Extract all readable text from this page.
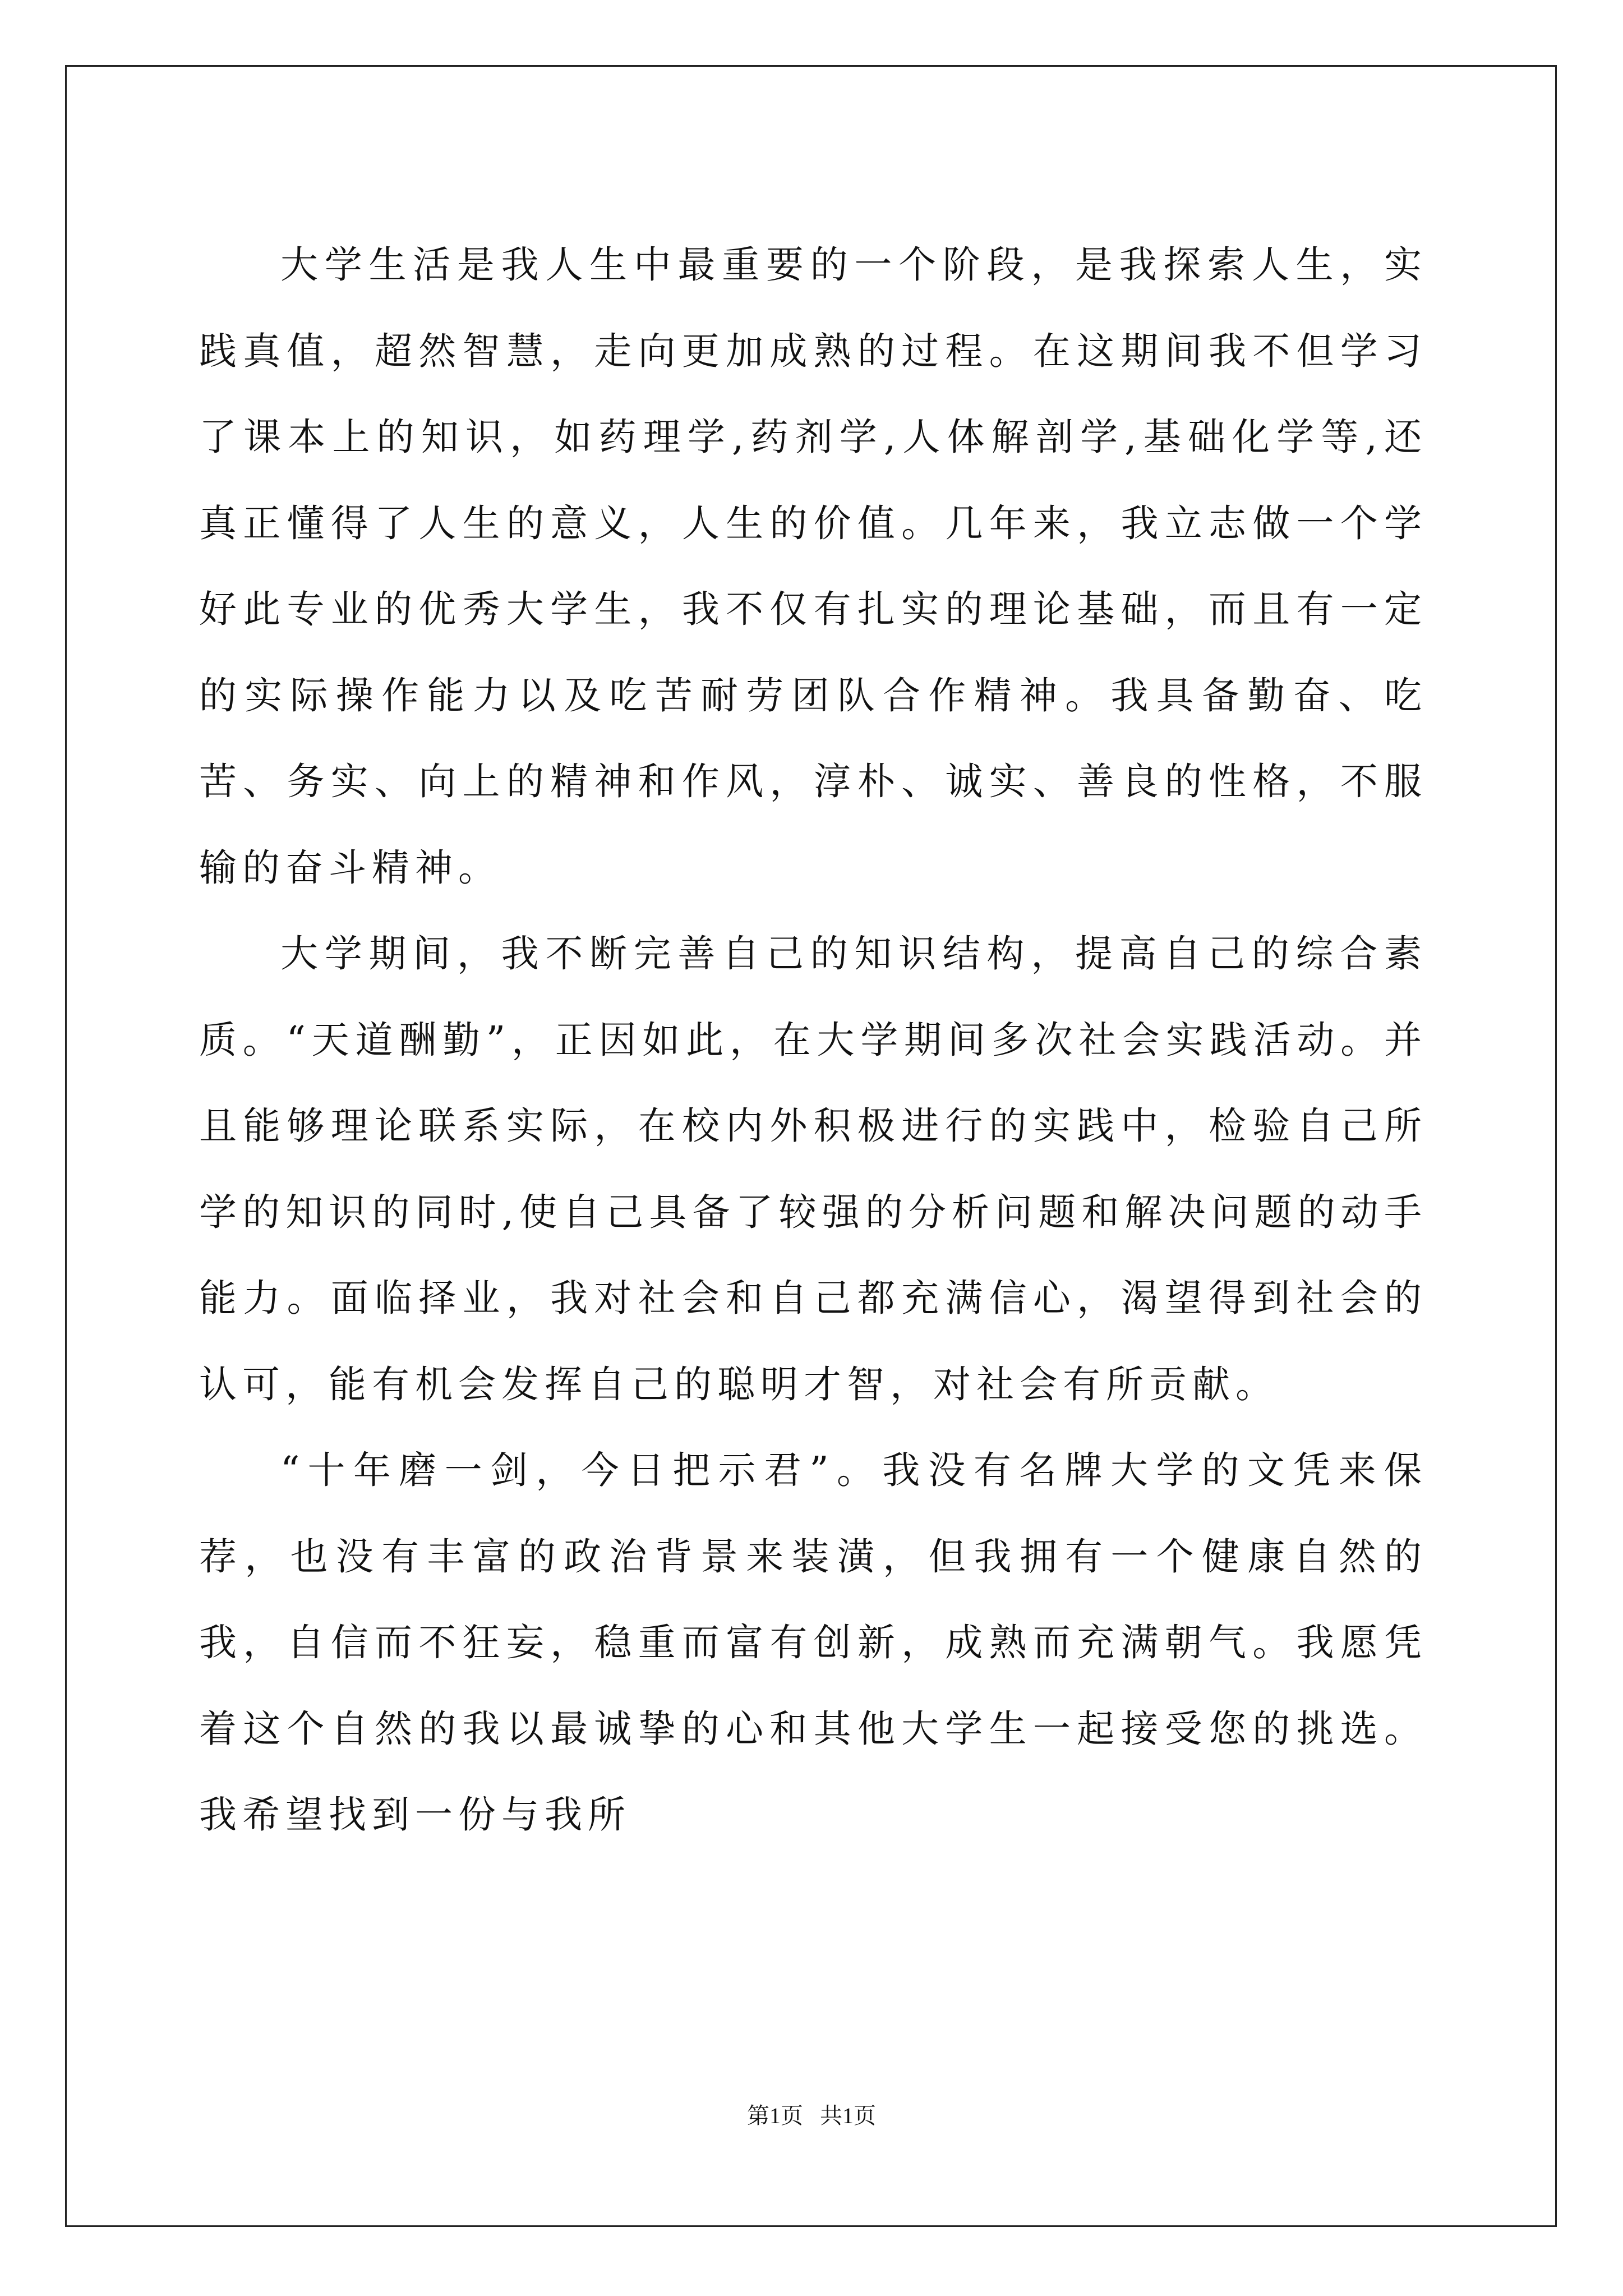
大学生活是我人生中最重要的一个阶段，是我探索人生，实践真值，超然智慧，走向更加成熟的过程。在这期间我不但学习了课本上的知识，如药理学,药剂学,人体解剖学,基础化学等,还真正懂得了人生的意义，人生的价值。几年来，我立志做一个学好此专业的优秀大学生，我不仅有扎实的理论基础，而且有一定的实际操作能力以及吃苦耐劳团队合作精神。我具备勤奋、吃苦、务实、向上的精神和作风，淳朴、诚实、善良的性格，不服输的奋斗精神。

大学期间，我不断完善自己的知识结构，提高自己的综合素质。“天道酬勤”，正因如此，在大学期间多次社会实践活动。并且能够理论联系实际，在校内外积极进行的实践中，检验自己所学的知识的同时,使自己具备了较强的分析问题和解决问题的动手能力。面临择业，我对社会和自己都充满信心，渴望得到社会的认可，能有机会发挥自己的聪明才智，对社会有所贡献。

“十年磨一剑，今日把示君”。我没有名牌大学的文凭来保荐，也没有丰富的政治背景来装潢，但我拥有一个健康自然的我，自信而不狂妄，稳重而富有创新，成熟而充满朝气。我愿凭着这个自然的我以最诚挚的心和其他大学生一起接受您的挑选。我希望找到一份与我所

第1页   共1页
